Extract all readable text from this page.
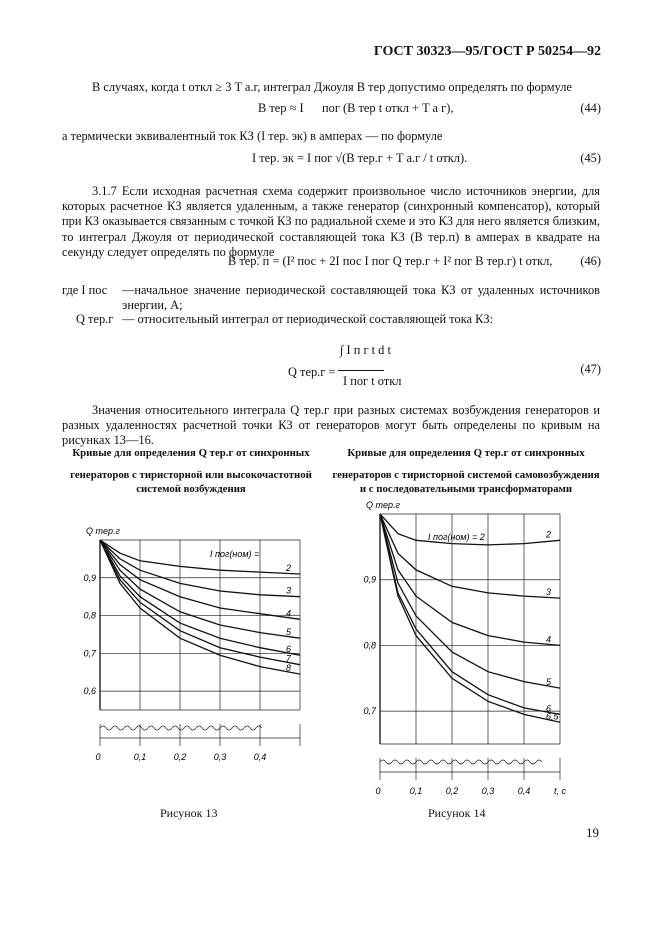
ГОСТ 30323—95/ГОСТ Р 50254—92
В случаях, когда t откл ≥ 3 T а.г, интеграл Джоуля B тер допустимо определять по формуле
B тер ≈ I пог (B тер t откл + T а г),	(44)
а термически эквивалентный ток КЗ (I тер. эк) в амперах — по формуле
I тер. эк = I пог √(B тер.г + T а.г / t откл).	(45)
3.1.7 Если исходная расчетная схема содержит произвольное число источников энергии, для которых расчетное КЗ является удаленным, а также генератор (синхронный компенсатор), который при КЗ оказывается связанным с точкой КЗ по радиальной схеме и это КЗ для него является близким, то интеграл Джоуля от периодической составляющей тока КЗ (B тер.п) в амперах в квадрате на секунду следует определять по формуле
B тер. п = (I² пос + 2I пос I пог Q тер.г + I² пог B тер.г) t откл, (46)
где I пос —начальное значение периодической составляющей тока КЗ от удаленных источников энергии, А;
Q тер.г — относительный интеграл от периодической составляющей тока КЗ:
Q тер.г =
∫ I п г t d t
I пог t откл
(47)
Значения относительного интеграла Q тер.г при разных системах возбуждения генераторов и разных удаленностях расчетной точки КЗ от генераторов могут быть определены по кривым на рисунках 13—16.
Кривые для определения Q тер.г от синхронных
генераторов с тиристорной или высокочастотной
системой возбуждения
Кривые для определения Q тер.г от синхронных
генераторов с тиристорной системой самовозбуждения
и с последовательными трансформаторами
0,9
0,8
0,7
0,6
0	0,1	0,2	0,3	0,4
Q тер.г
2
3
4
5
6
7
8
I пог(ном) =
0,9
0,8
0,7
0	0,1	0,2	0,3	0,4	t, c
Q тер.г
2
3
4
5
6
6,5
I пог(ном) = 2
Рисунок 13	Рисунок 14
19
